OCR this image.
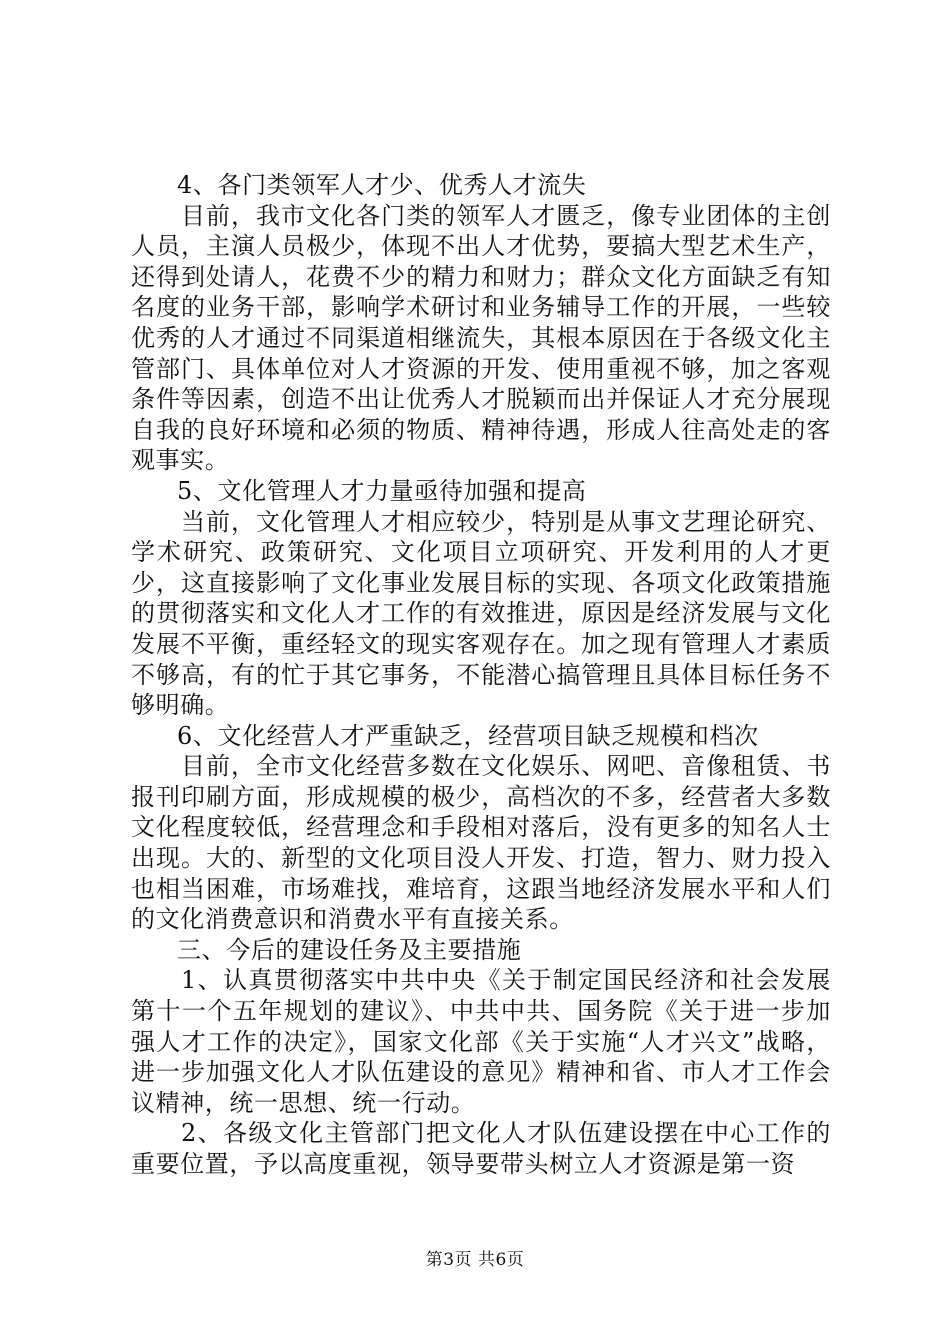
4、各门类领军人才少、优秀人才流失

目前，我市文化各门类的领军人才匮乏，像专业团体的主创人员，主演人员极少，体现不出人才优势，要搞大型艺术生产，还得到处请人，花费不少的精力和财力；群众文化方面缺乏有知名度的业务干部，影响学术研讨和业务辅导工作的开展，一些较优秀的人才通过不同渠道相继流失，其根本原因在于各级文化主管部门、具体单位对人才资源的开发、使用重视不够，加之客观条件等因素，创造不出让优秀人才脱颖而出并保证人才充分展现自我的良好环境和必须的物质、精神待遇，形成人往高处走的客观事实。

5、文化管理人才力量亟待加强和提高

当前，文化管理人才相应较少，特别是从事文艺理论研究、学术研究、政策研究、文化项目立项研究、开发利用的人才更少，这直接影响了文化事业发展目标的实现、各项文化政策措施的贯彻落实和文化人才工作的有效推进，原因是经济发展与文化发展不平衡，重经轻文的现实客观存在。加之现有管理人才素质不够高，有的忙于其它事务，不能潜心搞管理且具体目标任务不够明确。

6、文化经营人才严重缺乏，经营项目缺乏规模和档次

目前，全市文化经营多数在文化娱乐、网吧、音像租赁、书报刊印刷方面，形成规模的极少，高档次的不多，经营者大多数文化程度较低，经营理念和手段相对落后，没有更多的知名人士出现。大的、新型的文化项目没人开发、打造，智力、财力投入也相当困难，市场难找，难培育，这跟当地经济发展水平和人们的文化消费意识和消费水平有直接关系。

三、今后的建设任务及主要措施

1、认真贯彻落实中共中央《关于制定国民经济和社会发展第十一个五年规划的建议》、中共中共、国务院《关于进一步加强人才工作的决定》，国家文化部《关于实施“人才兴文”战略，进一步加强文化人才队伍建设的意见》精神和省、市人才工作会议精神，统一思想、统一行动。

2、各级文化主管部门把文化人才队伍建设摆在中心工作的重要位置，予以高度重视，领导要带头树立人才资源是第一资

第3页 共6页
